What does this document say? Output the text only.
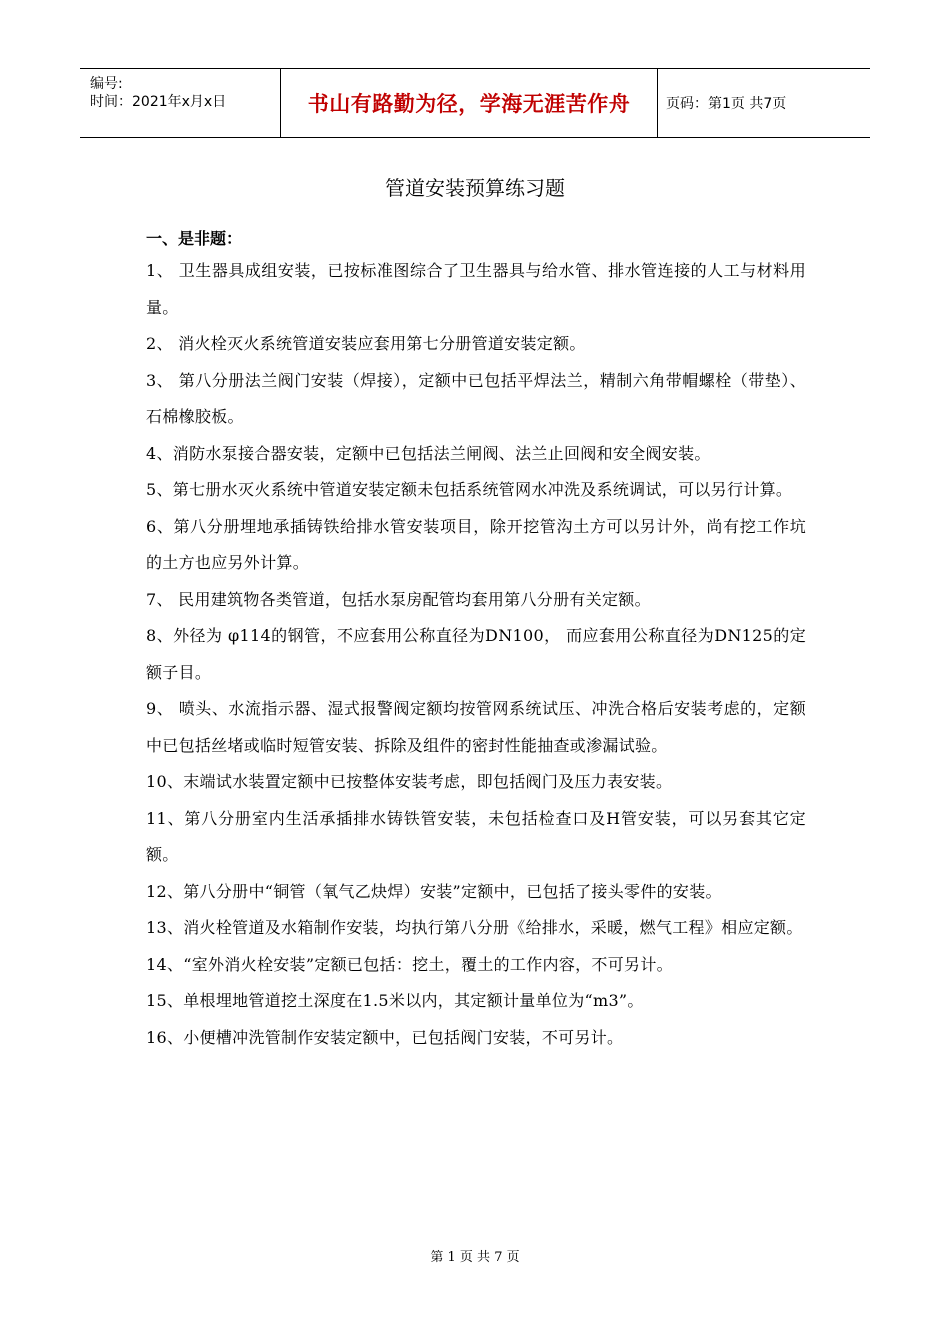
编号:
时间：2021年x月x日	书山有路勤为径，学海无涯苦作舟	页码：第1页 共7页
管道安装预算练习题
一、是非题：
1、 卫生器具成组安装，已按标准图综合了卫生器具与给水管、排水管连接的人工与材料用量。
2、 消火栓灭火系统管道安装应套用第七分册管道安装定额。
3、 第八分册法兰阀门安装（焊接），定额中已包括平焊法兰，精制六角带帽螺栓（带垫）、石棉橡胶板。
4、消防水泵接合器安装，定额中已包括法兰闸阀、法兰止回阀和安全阀安装。
5、第七册水灭火系统中管道安装定额未包括系统管网水冲洗及系统调试，可以另行计算。
6、第八分册埋地承插铸铁给排水管安装项目，除开挖管沟土方可以另计外，尚有挖工作坑的土方也应另外计算。
7、 民用建筑物各类管道，包括水泵房配管均套用第八分册有关定额。
8、外径为 φ114的钢管，不应套用公称直径为DN100， 而应套用公称直径为DN125的定额子目。
9、 喷头、水流指示器、湿式报警阀定额均按管网系统试压、冲洗合格后安装考虑的，定额中已包括丝堵或临时短管安装、拆除及组件的密封性能抽查或渗漏试验。
10、末端试水装置定额中已按整体安装考虑，即包括阀门及压力表安装。
11、第八分册室内生活承插排水铸铁管安装，未包括检查口及H管安装，可以另套其它定额。
12、第八分册中“铜管（氧气乙炔焊）安装”定额中，已包括了接头零件的安装。
13、消火栓管道及水箱制作安装，均执行第八分册《给排水，采暖，燃气工程》相应定额。
14、“室外消火栓安装”定额已包括：挖土，覆土的工作内容，不可另计。
15、单根埋地管道挖土深度在1.5米以内，其定额计量单位为“m3”。
16、小便槽冲洗管制作安装定额中，已包括阀门安装，不可另计。
第 1 页 共 7 页
